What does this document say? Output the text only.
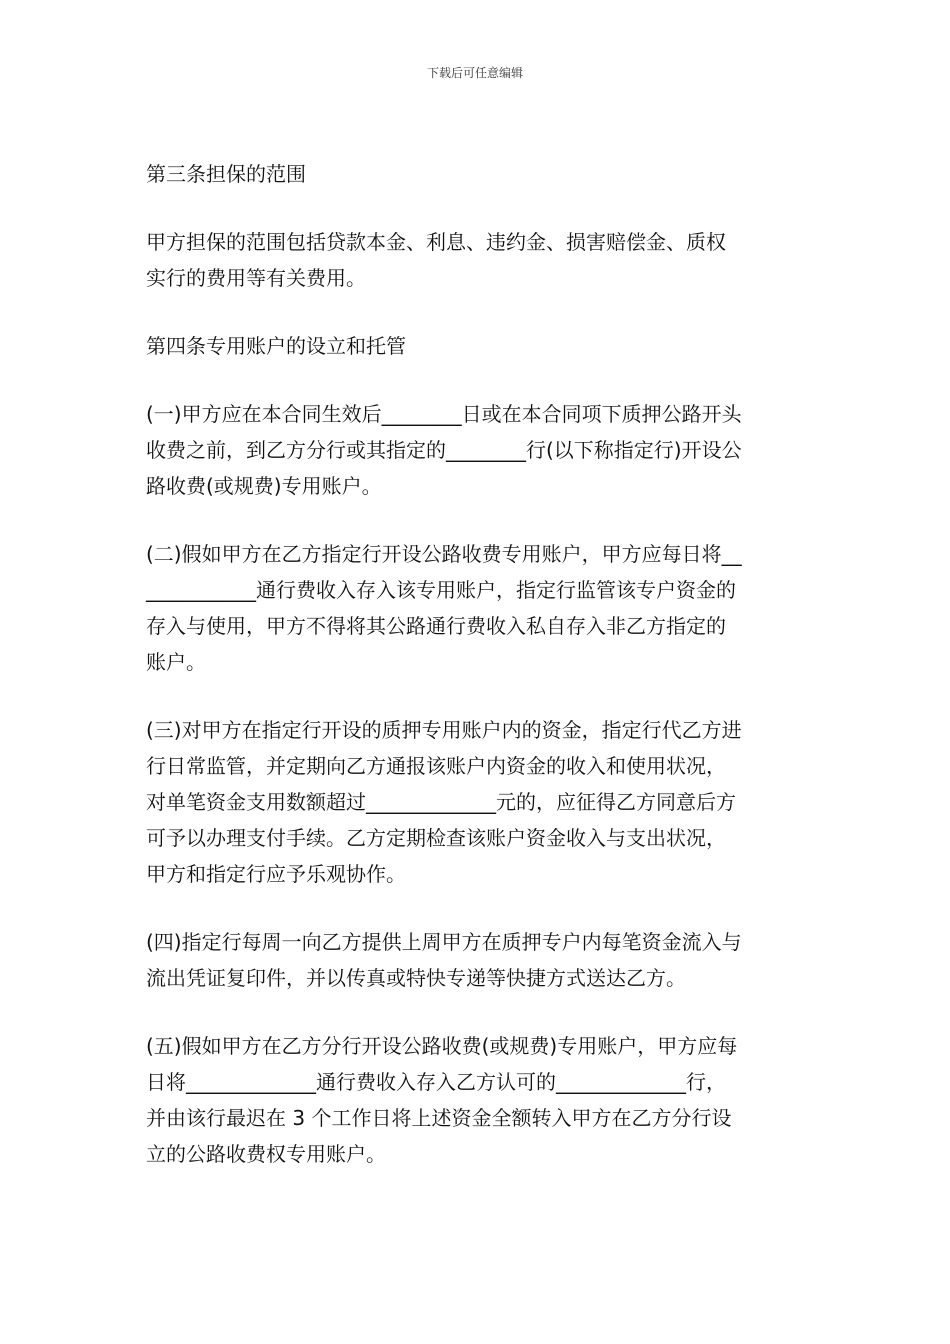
下载后可任意编辑

第三条担保的范围

甲方担保的范围包括贷款本金、利息、违约金、损害赔偿金、质权
实行的费用等有关费用。

第四条专用账户的设立和托管

(一)甲方应在本合同生效后________日或在本合同项下质押公路开头
收费之前，到乙方分行或其指定的________行(以下称指定行)开设公
路收费(或规费)专用账户。

(二)假如甲方在乙方指定行开设公路收费专用账户，甲方应每日将__
___________通行费收入存入该专用账户，指定行监管该专户资金的
存入与使用，甲方不得将其公路通行费收入私自存入非乙方指定的
账户。

(三)对甲方在指定行开设的质押专用账户内的资金，指定行代乙方进
行日常监管，并定期向乙方通报该账户内资金的收入和使用状况，
对单笔资金支用数额超过_____________元的，应征得乙方同意后方
可予以办理支付手续。乙方定期检查该账户资金收入与支出状况，
甲方和指定行应予乐观协作。

(四)指定行每周一向乙方提供上周甲方在质押专户内每笔资金流入与
流出凭证复印件，并以传真或特快专递等快捷方式送达乙方。

(五)假如甲方在乙方分行开设公路收费(或规费)专用账户，甲方应每
日将_____________通行费收入存入乙方认可的_____________行，
并由该行最迟在 3 个工作日将上述资金全额转入甲方在乙方分行设
立的公路收费权专用账户。
